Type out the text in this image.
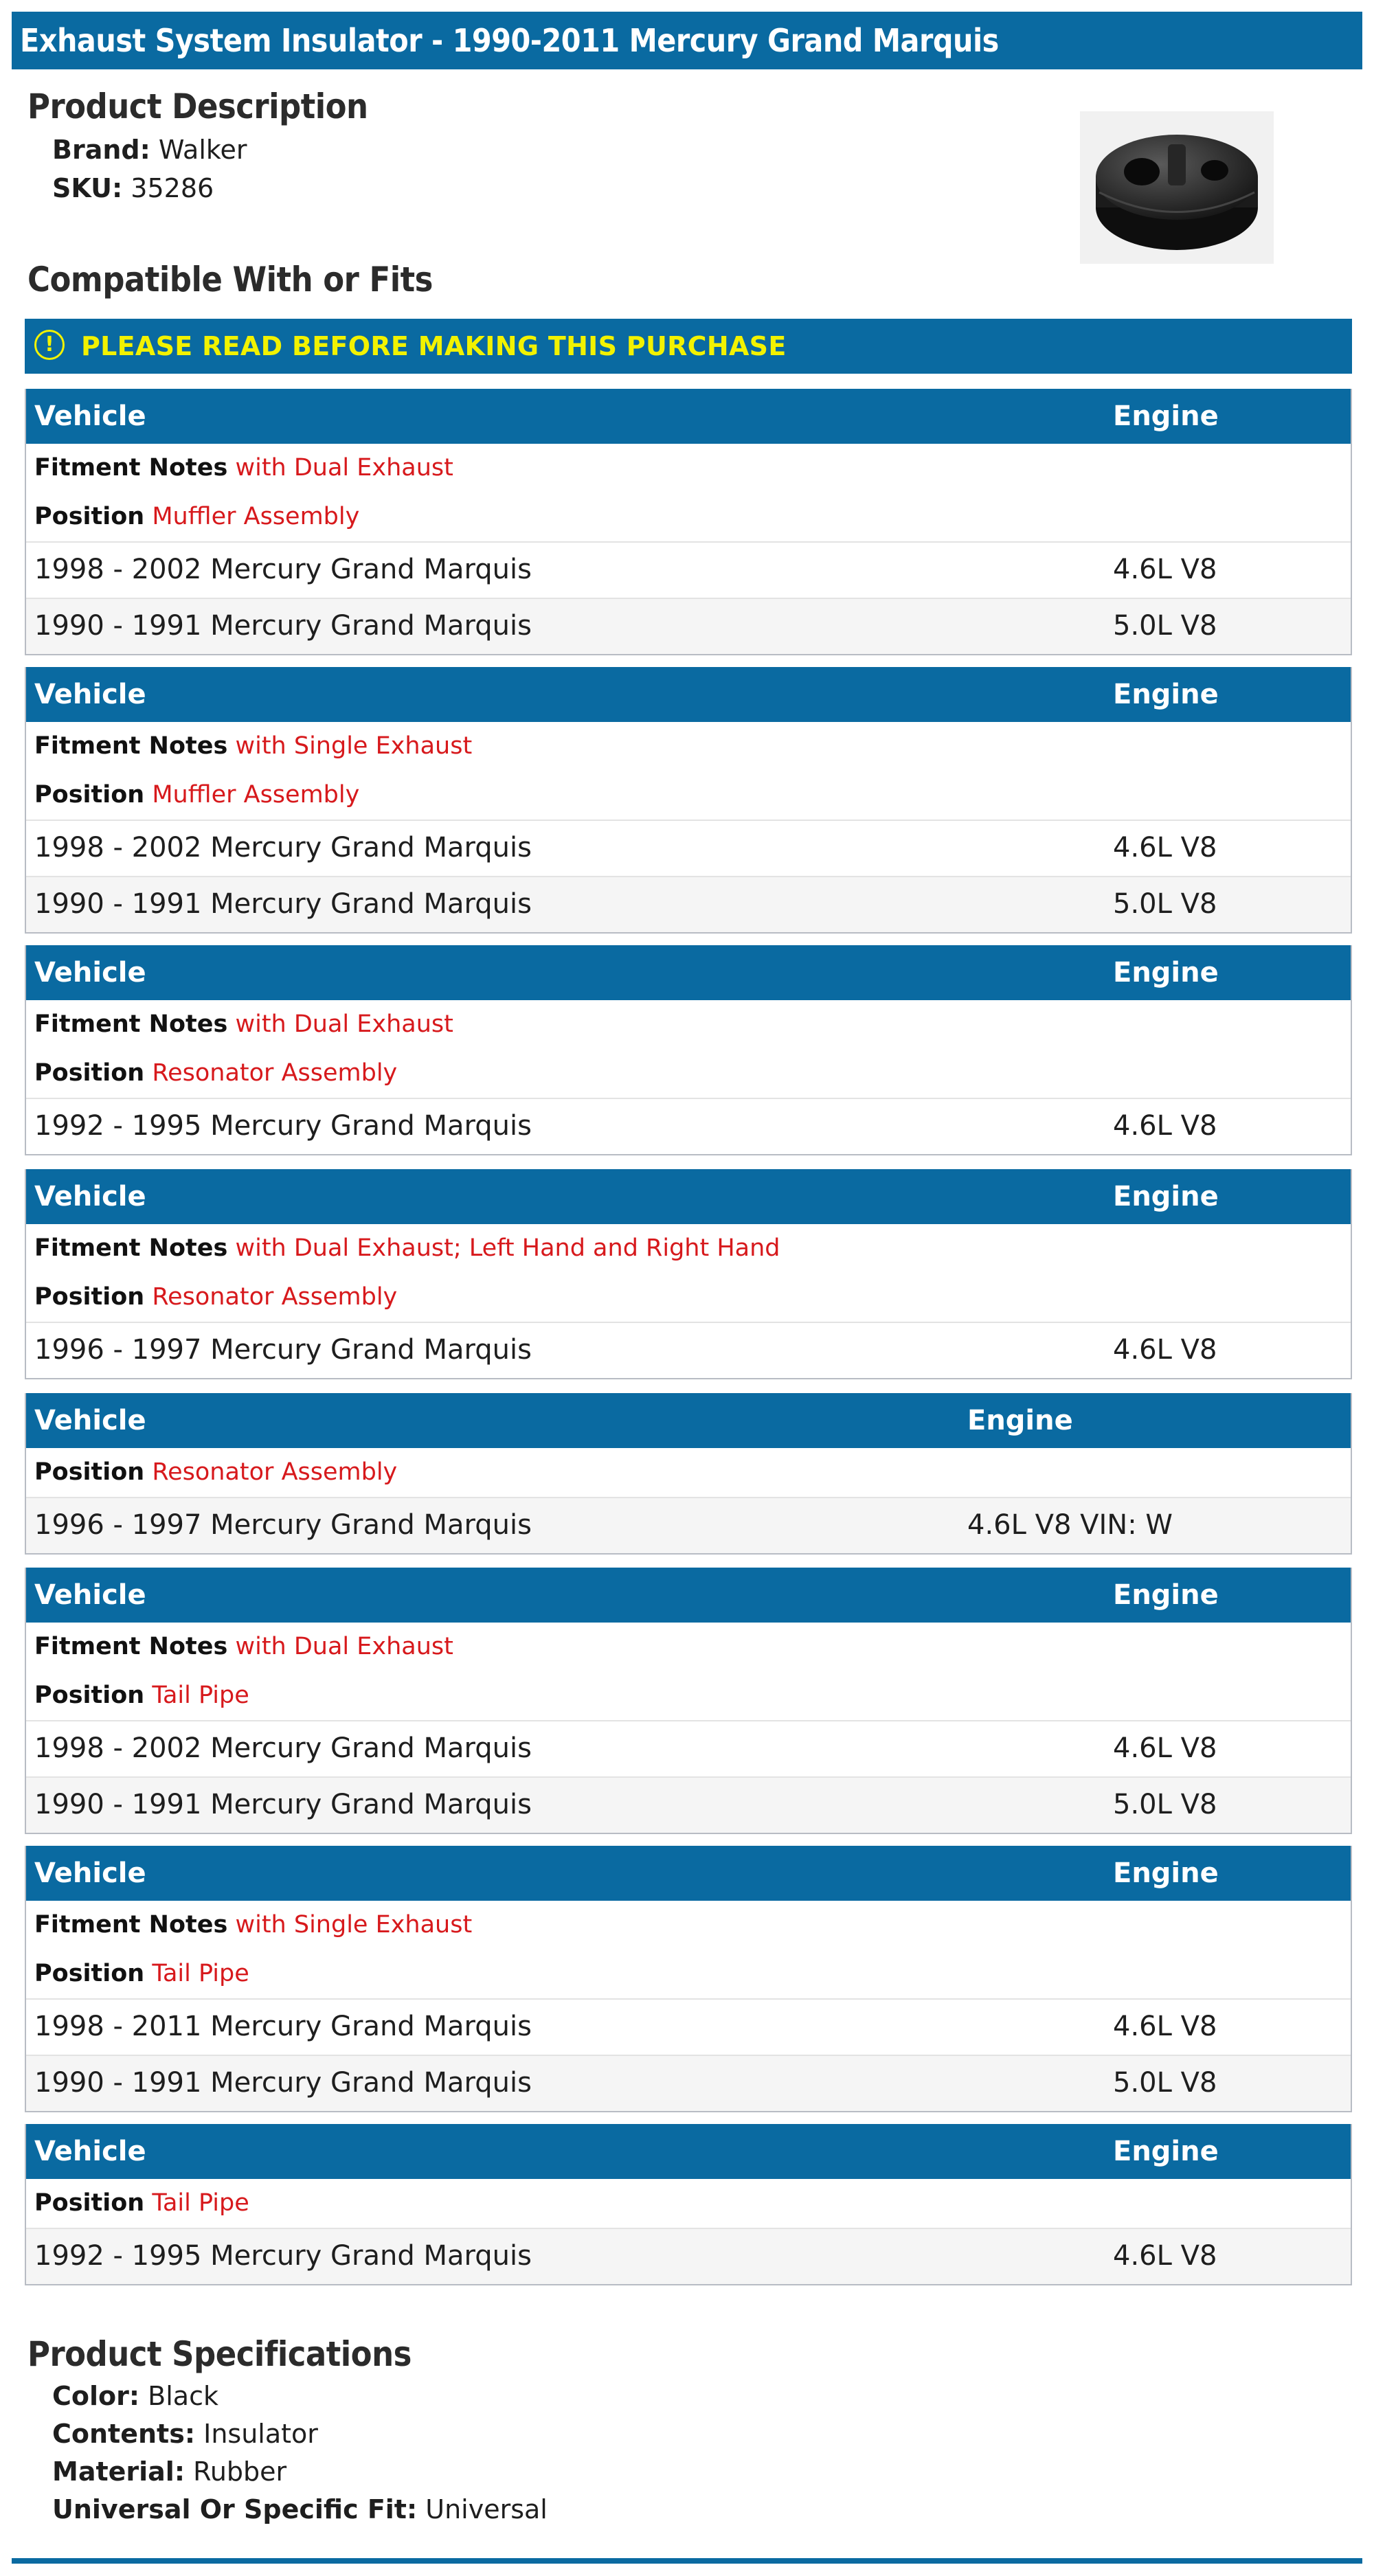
Exhaust System Insulator - 1990-2011 Mercury Grand Marquis
Product Description
Brand: Walker
SKU: 35286
Compatible With or Fits
!	PLEASE READ BEFORE MAKING THIS PURCHASE
Vehicle	Engine
Fitment Notes with Dual Exhaust
Position Muffler Assembly
1998 - 2002 Mercury Grand Marquis	4.6L V8
1990 - 1991 Mercury Grand Marquis	5.0L V8
Vehicle	Engine
Fitment Notes with Single Exhaust
Position Muffler Assembly
1998 - 2002 Mercury Grand Marquis	4.6L V8
1990 - 1991 Mercury Grand Marquis	5.0L V8
Vehicle	Engine
Fitment Notes with Dual Exhaust
Position Resonator Assembly
1992 - 1995 Mercury Grand Marquis	4.6L V8
Vehicle	Engine
Fitment Notes with Dual Exhaust; Left Hand and Right Hand
Position Resonator Assembly
1996 - 1997 Mercury Grand Marquis	4.6L V8
Vehicle	Engine
Position Resonator Assembly
1996 - 1997 Mercury Grand Marquis	4.6L V8 VIN: W
Vehicle	Engine
Fitment Notes with Dual Exhaust
Position Tail Pipe
1998 - 2002 Mercury Grand Marquis	4.6L V8
1990 - 1991 Mercury Grand Marquis	5.0L V8
Vehicle	Engine
Fitment Notes with Single Exhaust
Position Tail Pipe
1998 - 2011 Mercury Grand Marquis	4.6L V8
1990 - 1991 Mercury Grand Marquis	5.0L V8
Vehicle	Engine
Position Tail Pipe
1992 - 1995 Mercury Grand Marquis	4.6L V8
Product Specifications
Color: Black
Contents: Insulator
Material: Rubber
Universal Or Specific Fit: Universal
